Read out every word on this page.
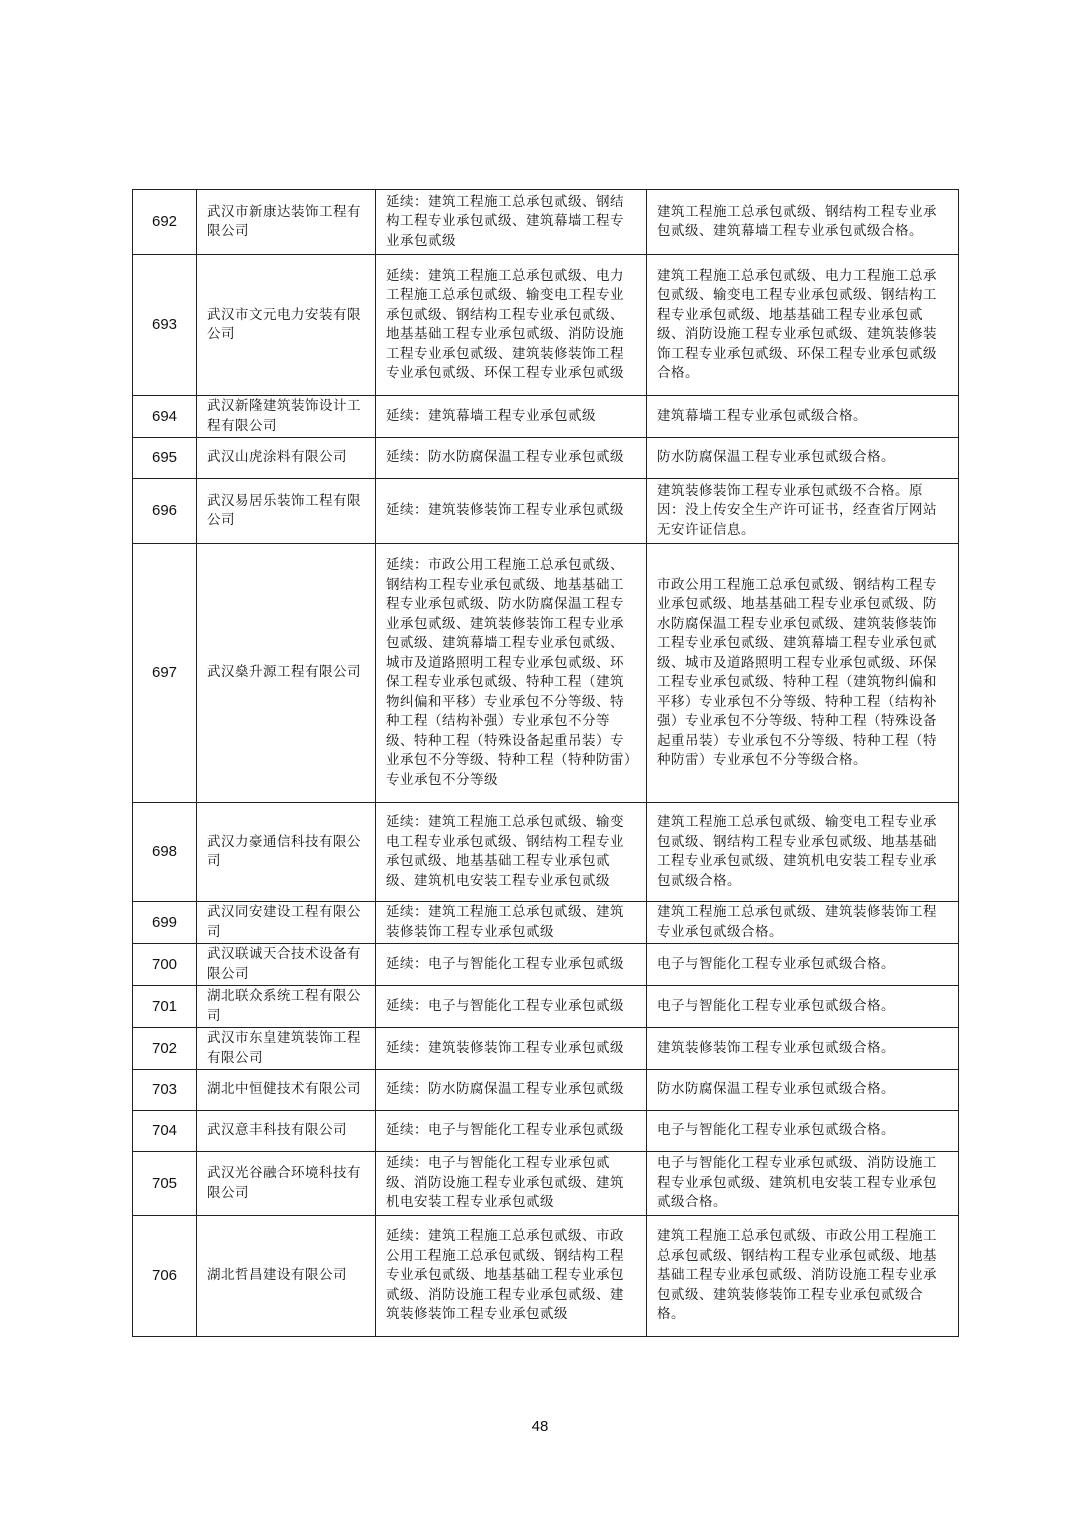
692	武汉市新康达装饰工程有限公司	延续：建筑工程施工总承包贰级、钢结构工程专业承包贰级、建筑幕墙工程专业承包贰级	建筑工程施工总承包贰级、钢结构工程专业承包贰级、建筑幕墙工程专业承包贰级合格。
693	武汉市文元电力安装有限公司	延续：建筑工程施工总承包贰级、电力工程施工总承包贰级、输变电工程专业承包贰级、钢结构工程专业承包贰级、地基基础工程专业承包贰级、消防设施工程专业承包贰级、建筑装修装饰工程专业承包贰级、环保工程专业承包贰级	建筑工程施工总承包贰级、电力工程施工总承包贰级、输变电工程专业承包贰级、钢结构工程专业承包贰级、地基基础工程专业承包贰级、消防设施工程专业承包贰级、建筑装修装饰工程专业承包贰级、环保工程专业承包贰级合格。
694	武汉新隆建筑装饰设计工程有限公司	延续：建筑幕墙工程专业承包贰级	建筑幕墙工程专业承包贰级合格。
695	武汉山虎涂料有限公司	延续：防水防腐保温工程专业承包贰级	防水防腐保温工程专业承包贰级合格。
696	武汉易居乐装饰工程有限公司	延续：建筑装修装饰工程专业承包贰级	建筑装修装饰工程专业承包贰级不合格。原因：没上传安全生产许可证书，经查省厅网站无安许证信息。
697	武汉燊升源工程有限公司	延续：市政公用工程施工总承包贰级、钢结构工程专业承包贰级、地基基础工程专业承包贰级、防水防腐保温工程专业承包贰级、建筑装修装饰工程专业承包贰级、建筑幕墙工程专业承包贰级、城市及道路照明工程专业承包贰级、环保工程专业承包贰级、特种工程（建筑物纠偏和平移）专业承包不分等级、特种工程（结构补强）专业承包不分等级、特种工程（特殊设备起重吊装）专业承包不分等级、特种工程（特种防雷）专业承包不分等级	市政公用工程施工总承包贰级、钢结构工程专业承包贰级、地基基础工程专业承包贰级、防水防腐保温工程专业承包贰级、建筑装修装饰工程专业承包贰级、建筑幕墙工程专业承包贰级、城市及道路照明工程专业承包贰级、环保工程专业承包贰级、特种工程（建筑物纠偏和平移）专业承包不分等级、特种工程（结构补强）专业承包不分等级、特种工程（特殊设备起重吊装）专业承包不分等级、特种工程（特种防雷）专业承包不分等级合格。
698	武汉力豪通信科技有限公司	延续：建筑工程施工总承包贰级、输变电工程专业承包贰级、钢结构工程专业承包贰级、地基基础工程专业承包贰级、建筑机电安装工程专业承包贰级	建筑工程施工总承包贰级、输变电工程专业承包贰级、钢结构工程专业承包贰级、地基基础工程专业承包贰级、建筑机电安装工程专业承包贰级合格。
699	武汉同安建设工程有限公司	延续：建筑工程施工总承包贰级、建筑装修装饰工程专业承包贰级	建筑工程施工总承包贰级、建筑装修装饰工程专业承包贰级合格。
700	武汉联诚天合技术设备有限公司	延续：电子与智能化工程专业承包贰级	电子与智能化工程专业承包贰级合格。
701	湖北联众系统工程有限公司	延续：电子与智能化工程专业承包贰级	电子与智能化工程专业承包贰级合格。
702	武汉市东皇建筑装饰工程有限公司	延续：建筑装修装饰工程专业承包贰级	建筑装修装饰工程专业承包贰级合格。
703	湖北中恒健技术有限公司	延续：防水防腐保温工程专业承包贰级	防水防腐保温工程专业承包贰级合格。
704	武汉意丰科技有限公司	延续：电子与智能化工程专业承包贰级	电子与智能化工程专业承包贰级合格。
705	武汉光谷融合环境科技有限公司	延续：电子与智能化工程专业承包贰级、消防设施工程专业承包贰级、建筑机电安装工程专业承包贰级	电子与智能化工程专业承包贰级、消防设施工程专业承包贰级、建筑机电安装工程专业承包贰级合格。
706	湖北哲昌建设有限公司	延续：建筑工程施工总承包贰级、市政公用工程施工总承包贰级、钢结构工程专业承包贰级、地基基础工程专业承包贰级、消防设施工程专业承包贰级、建筑装修装饰工程专业承包贰级	建筑工程施工总承包贰级、市政公用工程施工总承包贰级、钢结构工程专业承包贰级、地基基础工程专业承包贰级、消防设施工程专业承包贰级、建筑装修装饰工程专业承包贰级合格。
48
